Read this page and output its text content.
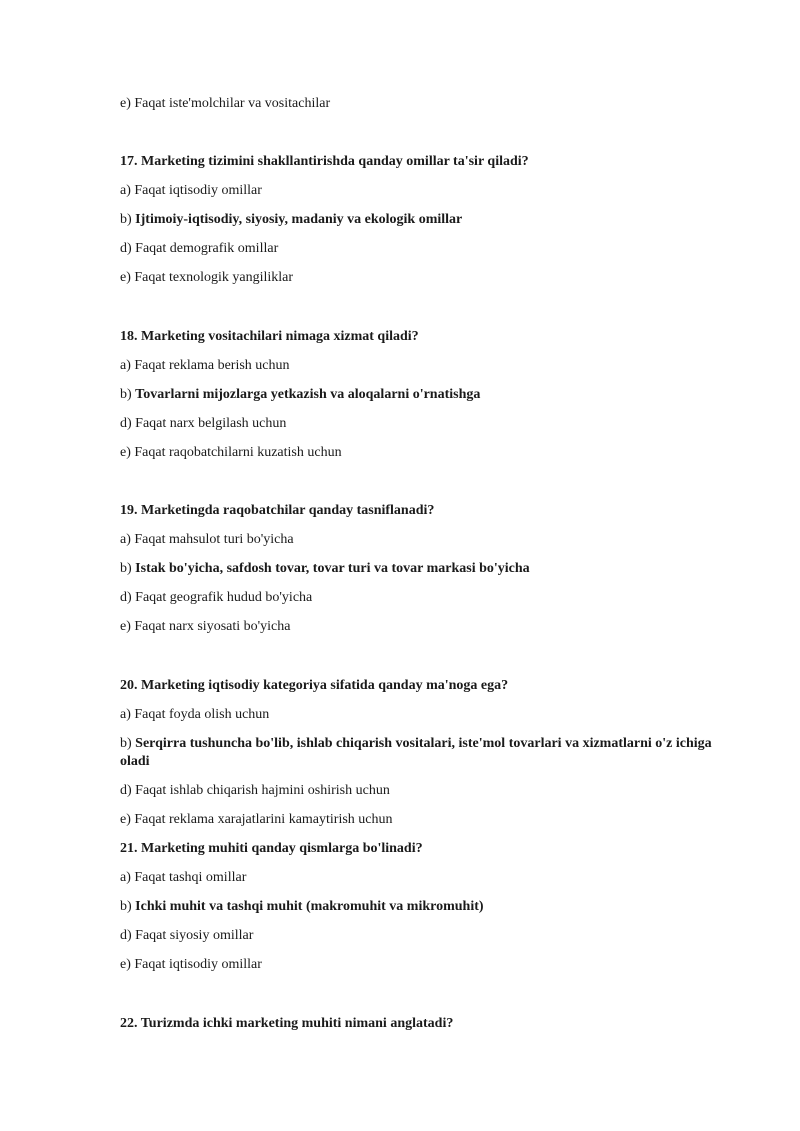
e) Faqat iste'molchilar va vositachilar
17. Marketing tizimini shakllantirishda qanday omillar ta'sir qiladi?
a) Faqat iqtisodiy omillar
b) Ijtimoiy-iqtisodiy, siyosiy, madaniy va ekologik omillar
d) Faqat demografik omillar
e) Faqat texnologik yangiliklar
18. Marketing vositachilari nimaga xizmat qiladi?
a) Faqat reklama berish uchun
b) Tovarlarni mijozlarga yetkazish va aloqalarni o'rnatishga
d) Faqat narx belgilash uchun
e) Faqat raqobatchilarni kuzatish uchun
19. Marketingda raqobatchilar qanday tasniflanadi?
a) Faqat mahsulot turi bo'yicha
b) Istak bo'yicha, safdosh tovar, tovar turi va tovar markasi bo'yicha
d) Faqat geografik hudud bo'yicha
e) Faqat narx siyosati bo'yicha
20. Marketing iqtisodiy kategoriya sifatida qanday ma'noga ega?
a) Faqat foyda olish uchun
b) Serqirra tushuncha bo'lib, ishlab chiqarish vositalari, iste'mol tovarlari va xizmatlarni o'z ichiga oladi
d) Faqat ishlab chiqarish hajmini oshirish uchun
e) Faqat reklama xarajatlarini kamaytirish uchun
21. Marketing muhiti qanday qismlarga bo'linadi?
a) Faqat tashqi omillar
b) Ichki muhit va tashqi muhit (makromuhit va mikromuhit)
d) Faqat siyosiy omillar
e) Faqat iqtisodiy omillar
22. Turizmda ichki marketing muhiti nimani anglatadi?
